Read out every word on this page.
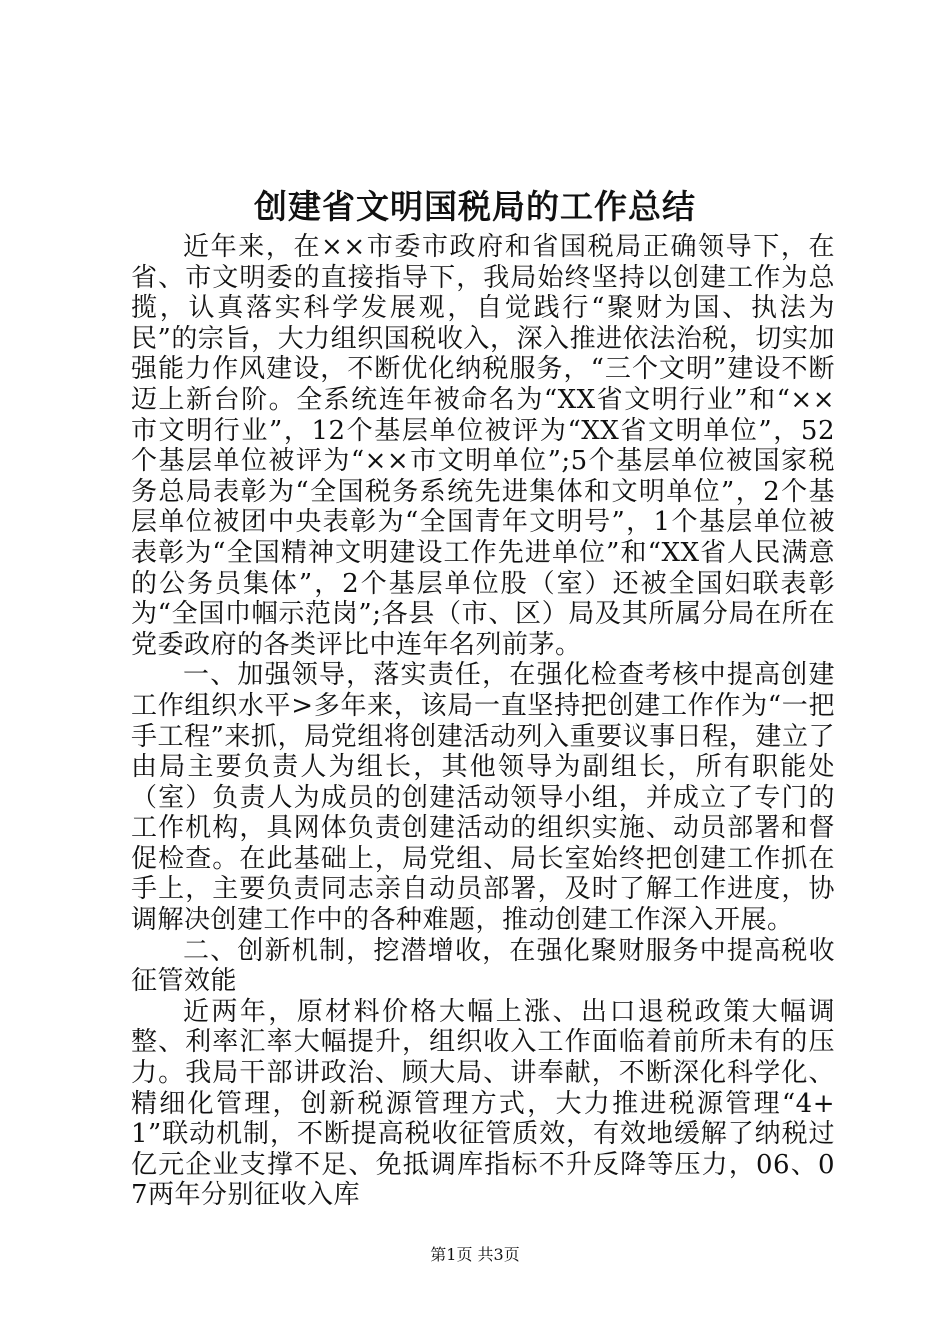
创建省文明国税局的工作总结

近年来，在××市委市政府和省国税局正确领导下，在省、市文明委的直接指导下，我局始终坚持以创建工作为总揽，认真落实科学发展观，自觉践行“聚财为国、执法为民”的宗旨，大力组织国税收入，深入推进依法治税，切实加强能力作风建设，不断优化纳税服务，“三个文明”建设不断迈上新台阶。全系统连年被命名为“XX省文明行业”和“××市文明行业”，12个基层单位被评为“XX省文明单位”，52个基层单位被评为“××市文明单位”;5个基层单位被国家税务总局表彰为“全国税务系统先进集体和文明单位”，2个基层单位被团中央表彰为“全国青年文明号”，1个基层单位被表彰为“全国精神文明建设工作先进单位”和“XX省人民满意的公务员集体”，2个基层单位股（室）还被全国妇联表彰为“全国巾帼示范岗”;各县（市、区）局及其所属分局在所在党委政府的各类评比中连年名列前茅。

一、加强领导，落实责任，在强化检查考核中提高创建工作组织水平>多年来，该局一直坚持把创建工作作为“一把手工程”来抓，局党组将创建活动列入重要议事日程，建立了由局主要负责人为组长，其他领导为副组长，所有职能处（室）负责人为成员的创建活动领导小组，并成立了专门的工作机构，具网体负责创建活动的组织实施、动员部署和督促检查。在此基础上，局党组、局长室始终把创建工作抓在手上，主要负责同志亲自动员部署，及时了解工作进度，协调解决创建工作中的各种难题，推动创建工作深入开展。

二、创新机制，挖潜增收，在强化聚财服务中提高税收征管效能

近两年，原材料价格大幅上涨、出口退税政策大幅调整、利率汇率大幅提升，组织收入工作面临着前所未有的压力。我局干部讲政治、顾大局、讲奉献，不断深化科学化、精细化管理，创新税源管理方式，大力推进税源管理“4+1”联动机制，不断提高税收征管质效，有效地缓解了纳税过亿元企业支撑不足、免抵调库指标不升反降等压力，06、07两年分别征收入库

第1页 共3页
